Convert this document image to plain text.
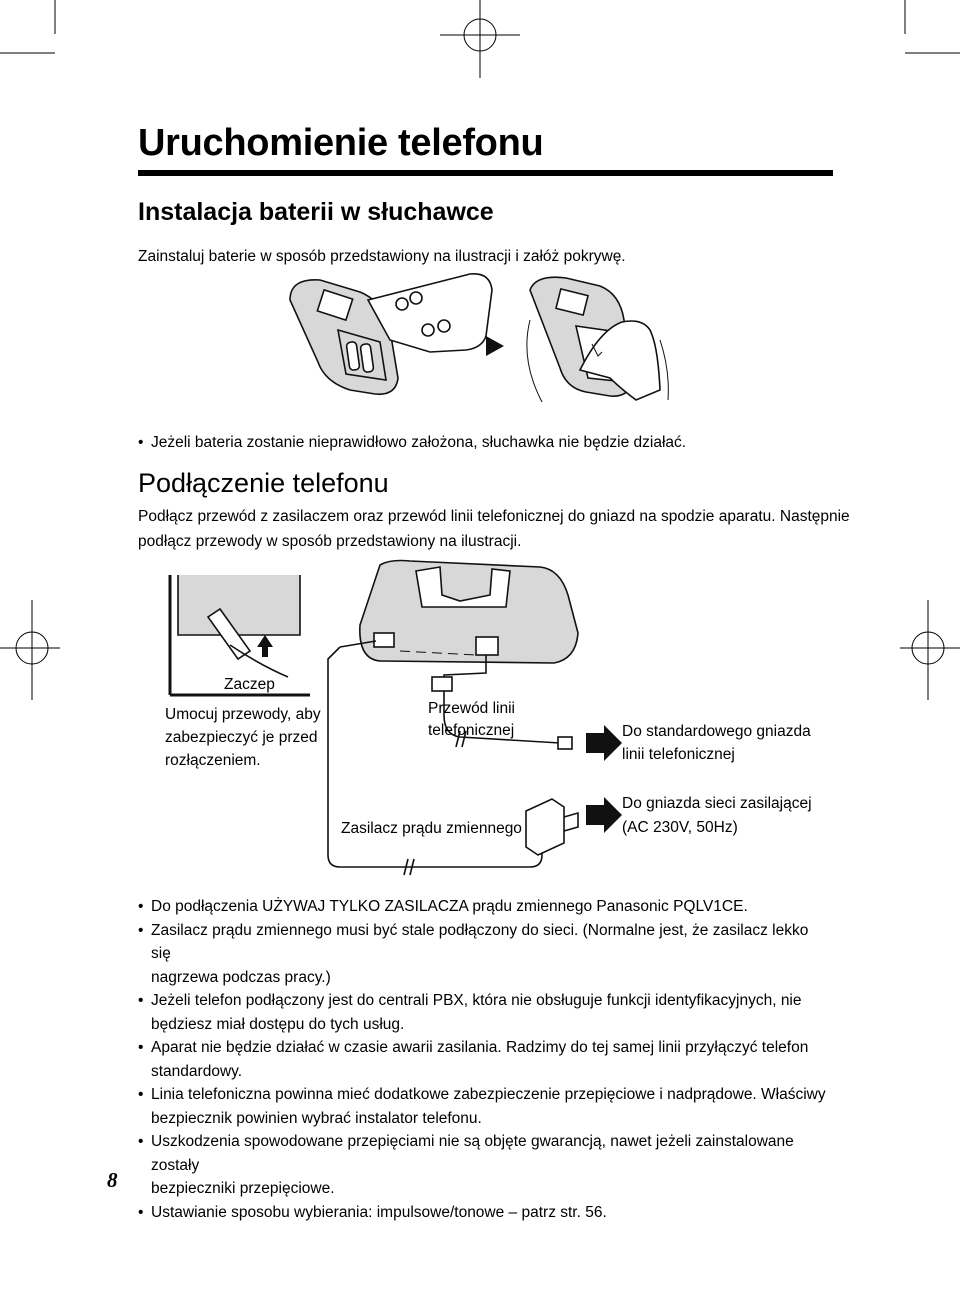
Uruchomienie telefonu
Instalacja baterii w słuchawce

Zainstaluj baterie w sposób przedstawiony na ilustracji i załóż pokrywę.

• Jeżeli bateria zostanie nieprawidłowo założona, słuchawka nie będzie działać.

Podłączenie telefonu

Podłącz przewód z zasilaczem oraz przewód linii telefonicznej do gniazd na spodzie aparatu. Następnie

podłącz przewody w sposób przedstawiony na ilustracji.

Zaczep

Umocuj przewody, aby

zabezpieczyć je przed

rozłączeniem.

Przewód linii

telefonicznej	Do standardowego gniazda

linii telefonicznej

Zasilacz prądu zmiennego

Do gniazda sieci zasilającej

(AC 230V, 50Hz)

• Do podłączenia UŻYWAJ TYLKO ZASILACZA prądu zmiennego Panasonic PQLV1CE.
• Zasilacz prądu zmiennego musi być stale podłączony do sieci. (Normalne jest, że zasilacz lekko się
nagrzewa podczas pracy.)
• Jeżeli telefon podłączony jest do centrali PBX, która nie obsługuje funkcji identyfikacyjnych, nie
będziesz miał dostępu do tych usług.
• Aparat nie będzie działać w czasie awarii zasilania. Radzimy do tej samej linii przyłączyć telefon
standardowy.
• Linia telefoniczna powinna mieć dodatkowe zabezpieczenie przepięciowe i nadprądowe. Właściwy
bezpiecznik powinien wybrać instalator telefonu.
• Uszkodzenia spowodowane przepięciami nie są objęte gwarancją, nawet jeżeli zainstalowane zostały
bezpieczniki przepięciowe.
• Ustawianie sposobu wybierania: impulsowe/tonowe – patrz str. 56.
8
